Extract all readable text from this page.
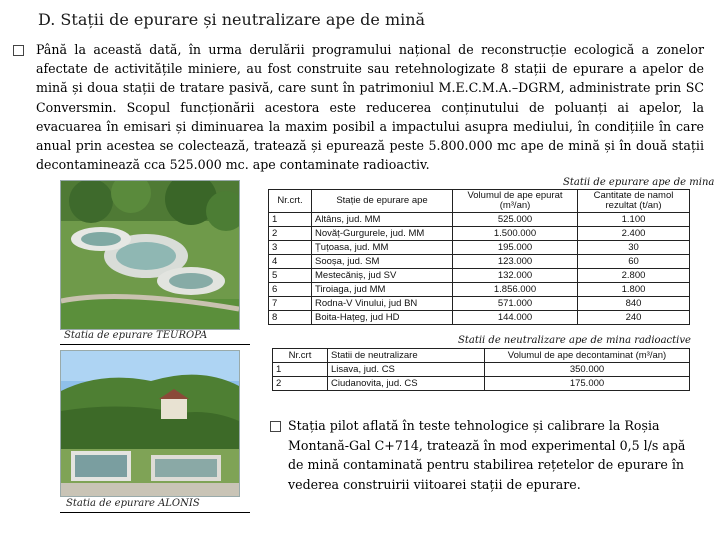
D. Stații de epurare și neutralizare ape de mină
Până la această dată, în urma derulării programului național de reconstrucție ecologică a zonelor afectate de activitățile miniere, au fost construite sau retehnologizate 8 stații de epurare a apelor de mină și doua stații de tratare pasivă, care sunt în patrimoniul M.E.C.M.A.–DGRM, administrate prin SC Conversmin. Scopul funcționării acestora este reducerea conținutului de poluanți ai apelor, la evacuarea în emisari și diminuarea la maxim posibil a impactului asupra mediului, în condițiile în care anual prin acestea se colectează, tratează și epurează peste 5.800.000 mc ape de mină și în două stații decontaminează cca 525.000 mc. ape contaminate radioactiv.
Statia de epurare TEUROPA
Statia de epurare ALONIS
Statii de epurare ape de mina
Nr.crt.	Stație de epurare ape	Volumul de ape epurat (m³/an)	Cantitate de namol rezultat (t/an)
1	Altâns, jud. MM	525.000	1.100
2	Novăț-Gurgurele, jud. MM	1.500.000	2.400
3	Țuțoasa, jud. MM	195.000	30
4	Sooșa, jud. SM	123.000	60
5	Mestecăniș, jud SV	132.000	2.800
6	Tiroiaga, jud MM	1.856.000	1.800
7	Rodna-V Vinului, jud BN	571.000	840
8	Boita-Hațeg, jud HD	144.000	240
Statii de neutralizare ape de mina radioactive
Nr.crt	Statii de neutralizare	Volumul de ape decontaminat (m³/an)
1	Lisava, jud. CS	350.000
2	Ciudanovita, jud. CS	175.000
Stația pilot aflată în teste tehnologice și calibrare la Roșia Montană-Gal C+714, tratează în mod experimental 0,5 l/s apă de mină contaminată pentru stabilirea rețetelor de epurare în vederea construirii viitoarei stații de epurare.
